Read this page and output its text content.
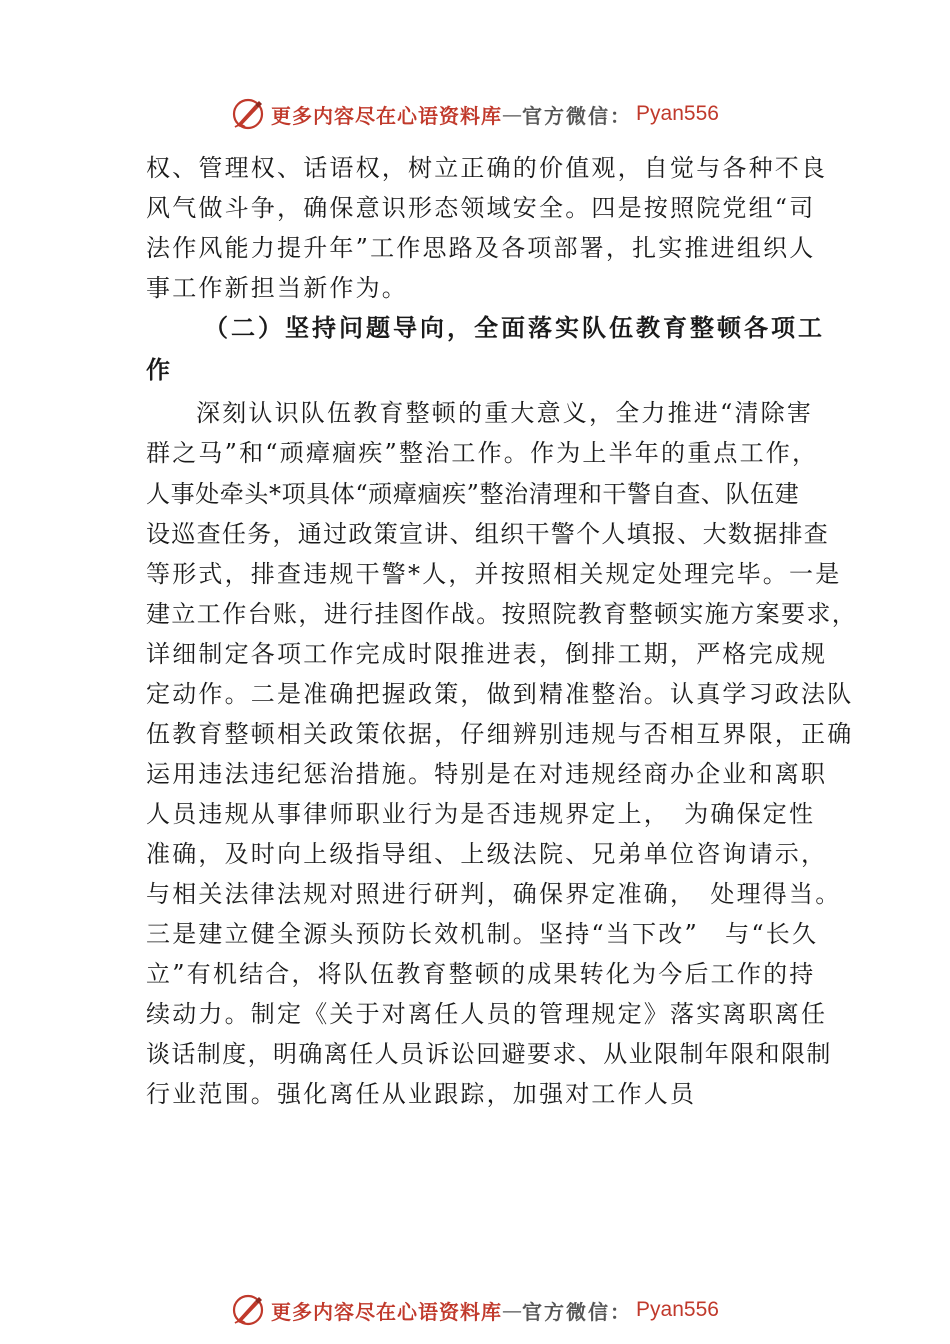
更多内容尽在心语资料库 — 官方微信： Pyan556
权、管理权、话语权，树立正确的价值观，自觉与各种不良
风气做斗争，确保意识形态领域安全。四是按照院党组“司
法作风能力提升年”工作思路及各项部署，扎实推进组织人
事工作新担当新作为。
（二）坚持问题导向，全面落实队伍教育整顿各项工
作
深刻认识队伍教育整顿的重大意义，全力推进“清除害
群之马”和“顽瘴痼疾”整治工作。作为上半年的重点工作，
人事处牵头*项具体“顽瘴痼疾”整治清理和干警自查、队伍建
设巡查任务，通过政策宣讲、组织干警个人填报、大数据排查
等形式，排查违规干警*人，并按照相关规定处理完毕。一是
建立工作台账，进行挂图作战。按照院教育整顿实施方案要求，
详细制定各项工作完成时限推进表，倒排工期，严格完成规
定动作。二是准确把握政策，做到精准整治。认真学习政法队
伍教育整顿相关政策依据，仔细辨别违规与否相互界限，正确
运用违法违纪惩治措施。特别是在对违规经商办企业和离职
人员违规从事律师职业行为是否违规界定上，　为确保定性
准确，及时向上级指导组、上级法院、兄弟单位咨询请示，
与相关法律法规对照进行研判，确保界定准确，　处理得当。
三是建立健全源头预防长效机制。坚持“当下改”　与“长久
立”有机结合，将队伍教育整顿的成果转化为今后工作的持
续动力。制定《关于对离任人员的管理规定》落实离职离任
谈话制度，明确离任人员诉讼回避要求、从业限制年限和限制
行业范围。强化离任从业跟踪，加强对工作人员
更多内容尽在心语资料库 — 官方微信： Pyan556
